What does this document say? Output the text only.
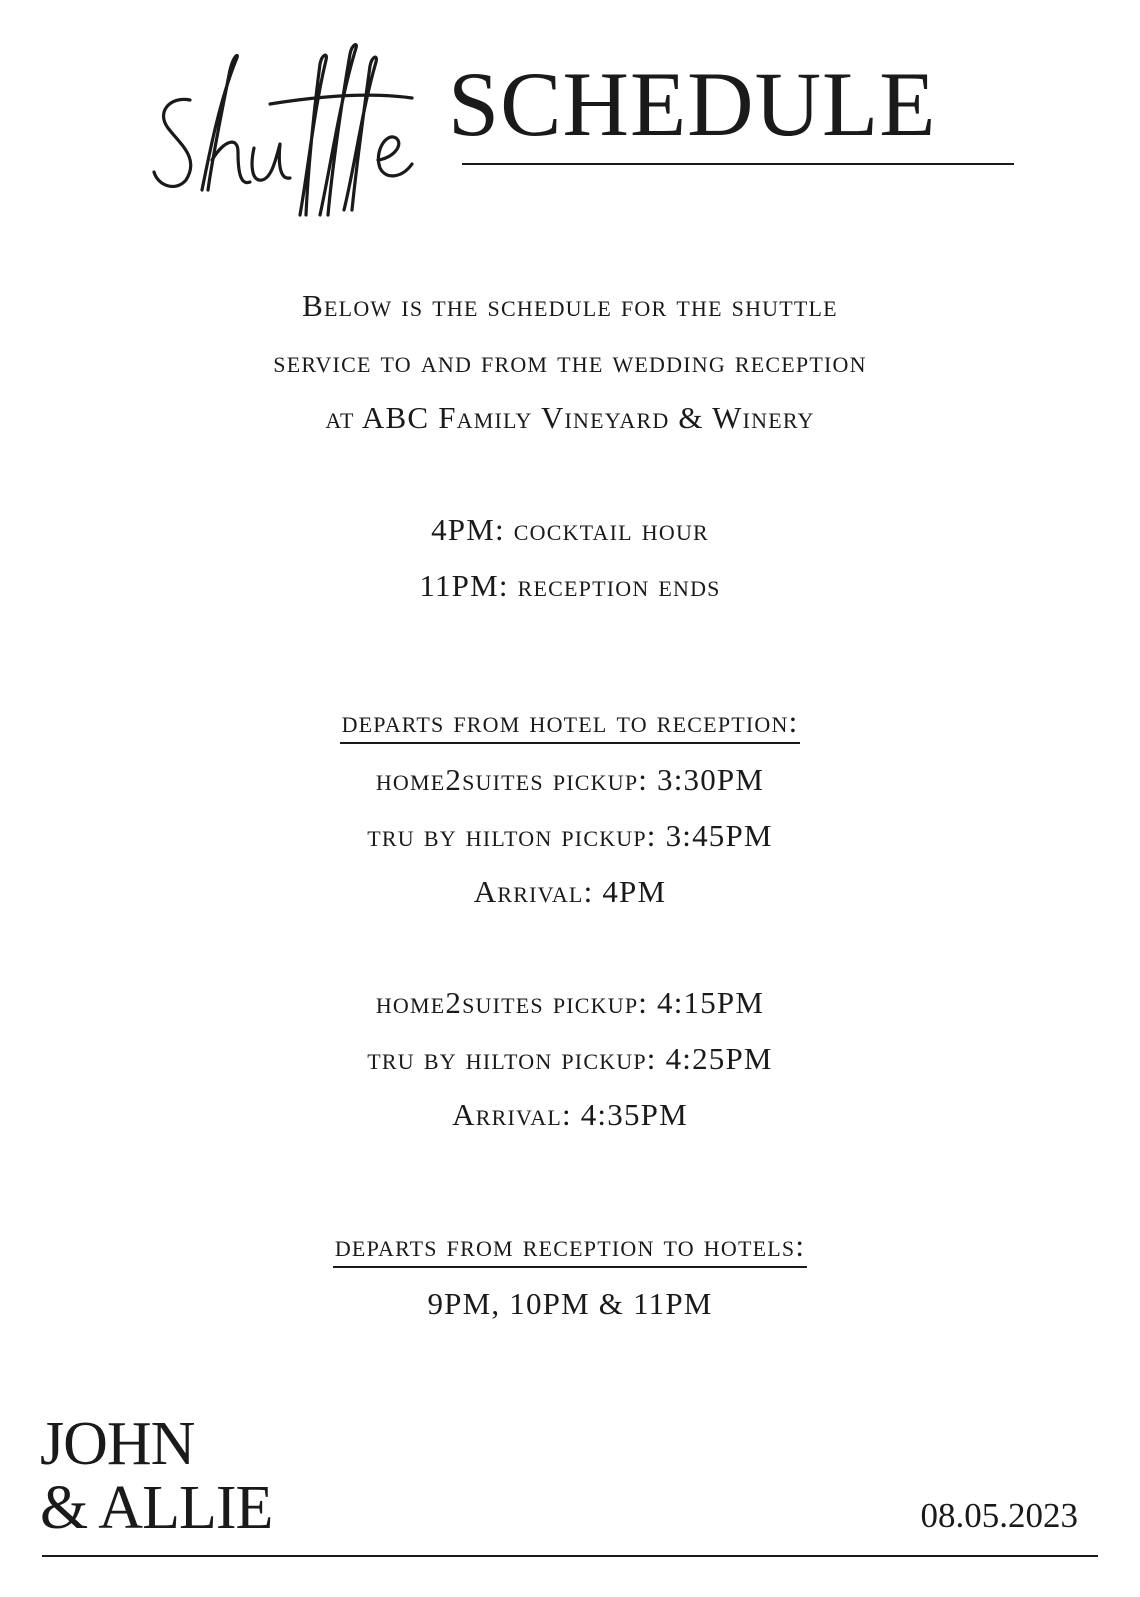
SCHEDULE
Below is the schedule for the shuttle
service to and from the wedding reception
at ABC Family Vineyard & Winery
4PM: cocktail hour
11PM: reception ends
departs from hotel to reception:
home2suites pickup: 3:30PM
tru by hilton pickup: 3:45PM
Arrival: 4PM
home2suites pickup: 4:15PM
tru by hilton pickup: 4:25PM
Arrival: 4:35PM
departs from reception to hotels:
9PM, 10PM & 11PM
JOHN
& ALLIE	08.05.2023
